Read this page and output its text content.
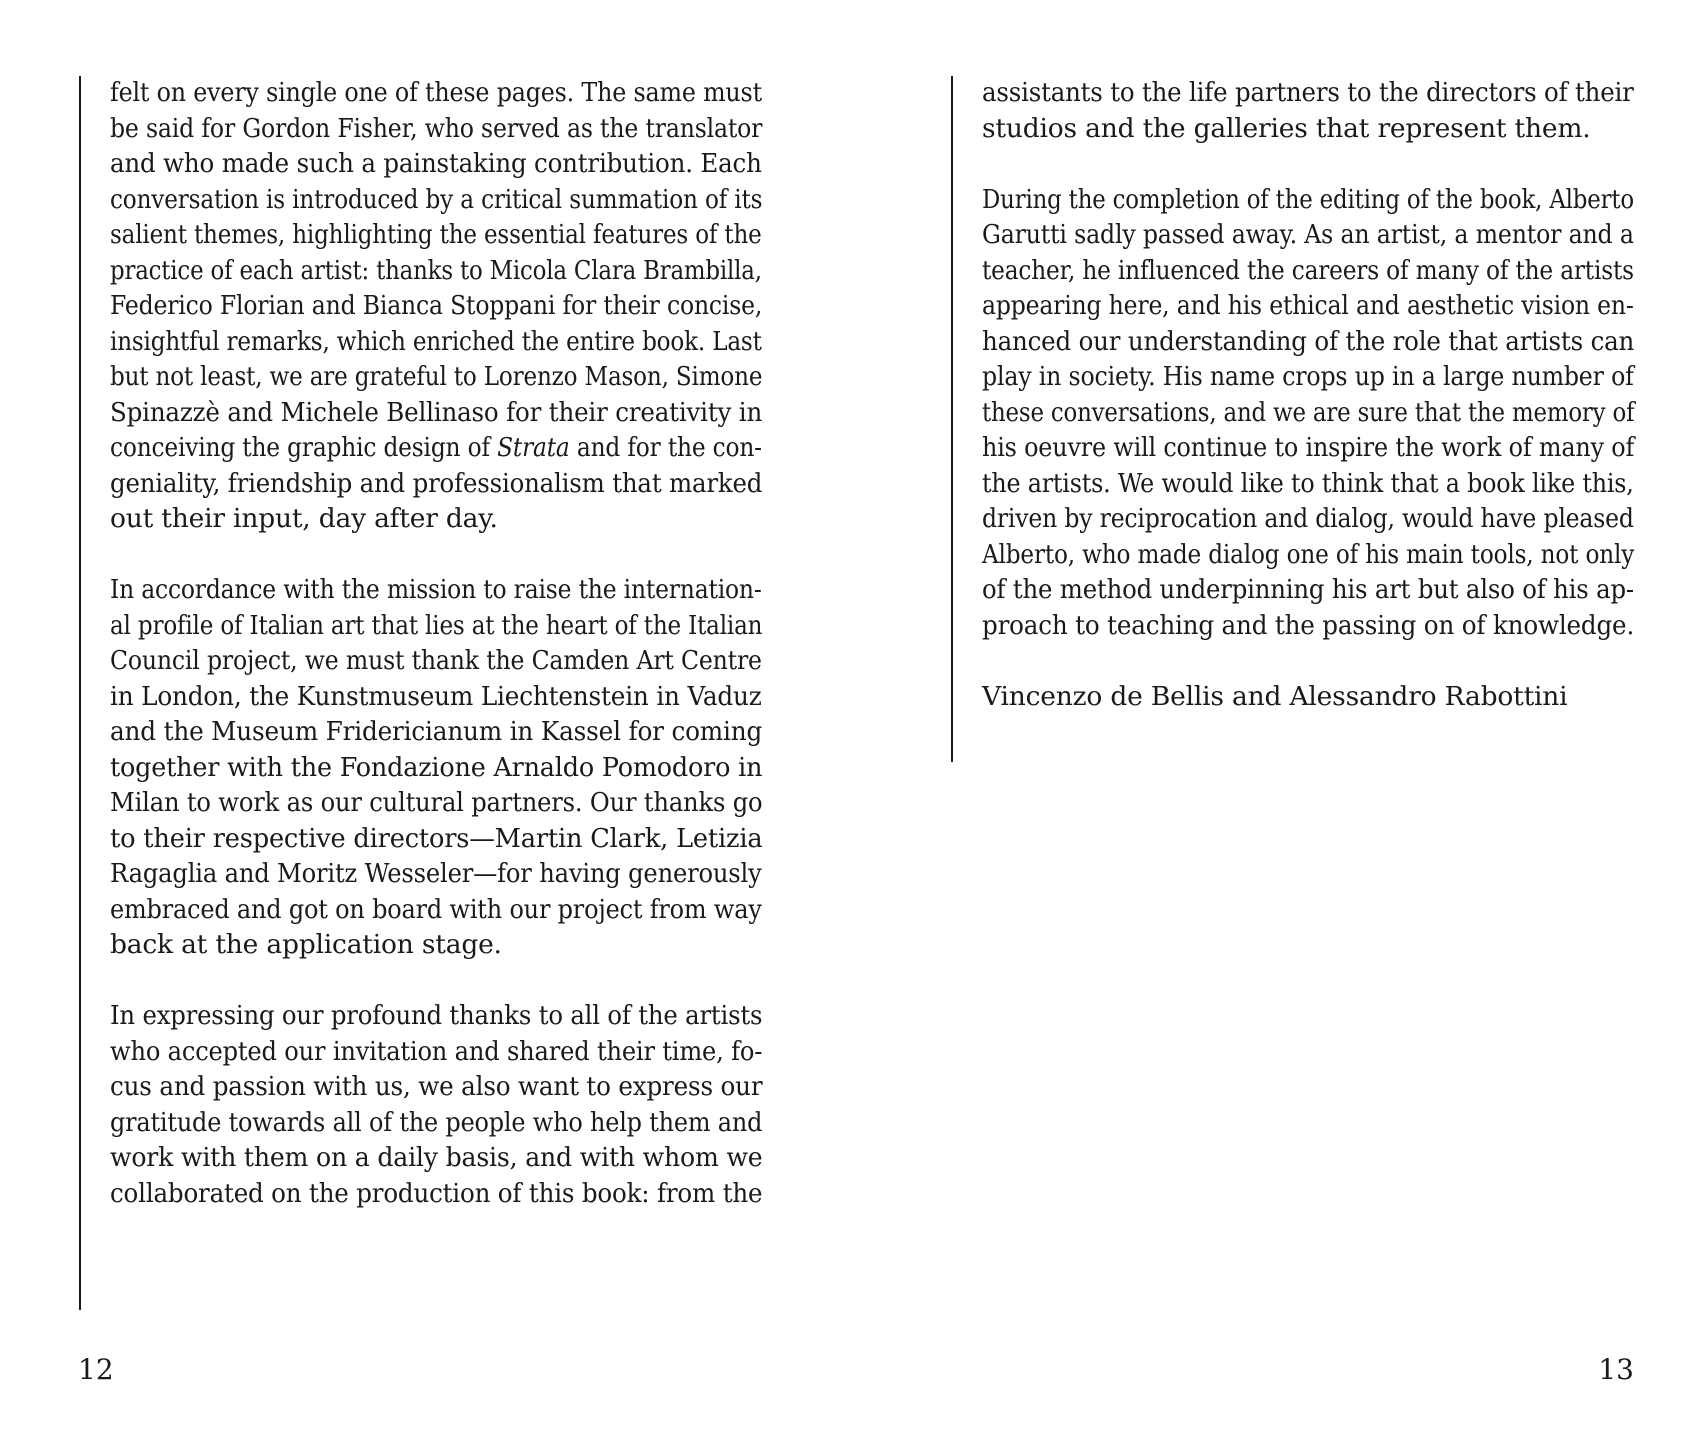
felt on every single one of these pages. The same must
be said for Gordon Fisher, who served as the translator
and who made such a painstaking contribution. Each
conversation is introduced by a critical summation of its
salient themes, highlighting the essential features of the
practice of each artist: thanks to Micola Clara Brambilla,
Federico Florian and Bianca Stoppani for their concise,
insightful remarks, which enriched the entire book. Last
but not least, we are grateful to Lorenzo Mason, Simone
Spinazzè and Michele Bellinaso for their creativity in
conceiving the graphic design of Strata and for the con-
geniality, friendship and professionalism that marked
out their input, day after day.
In accordance with the mission to raise the internation-
al profile of Italian art that lies at the heart of the Italian
Council project, we must thank the Camden Art Centre
in London, the Kunstmuseum Liechtenstein in Vaduz
and the Museum Fridericianum in Kassel for coming
together with the Fondazione Arnaldo Pomodoro in
Milan to work as our cultural partners. Our thanks go
to their respective directors—Martin Clark, Letizia
Ragaglia and Moritz Wesseler—for having generously
embraced and got on board with our project from way
back at the application stage.
In expressing our profound thanks to all of the artists
who accepted our invitation and shared their time, fo-
cus and passion with us, we also want to express our
gratitude towards all of the people who help them and
work with them on a daily basis, and with whom we
collaborated on the production of this book: from the
assistants to the life partners to the directors of their
studios and the galleries that represent them.
During the completion of the editing of the book, Alberto
Garutti sadly passed away. As an artist, a mentor and a
teacher, he influenced the careers of many of the artists
appearing here, and his ethical and aesthetic vision en-
hanced our understanding of the role that artists can
play in society. His name crops up in a large number of
these conversations, and we are sure that the memory of
his oeuvre will continue to inspire the work of many of
the artists. We would like to think that a book like this,
driven by reciprocation and dialog, would have pleased
Alberto, who made dialog one of his main tools, not only
of the method underpinning his art but also of his ap-
proach to teaching and the passing on of knowledge.
Vincenzo de Bellis and Alessandro Rabottini
12	13
